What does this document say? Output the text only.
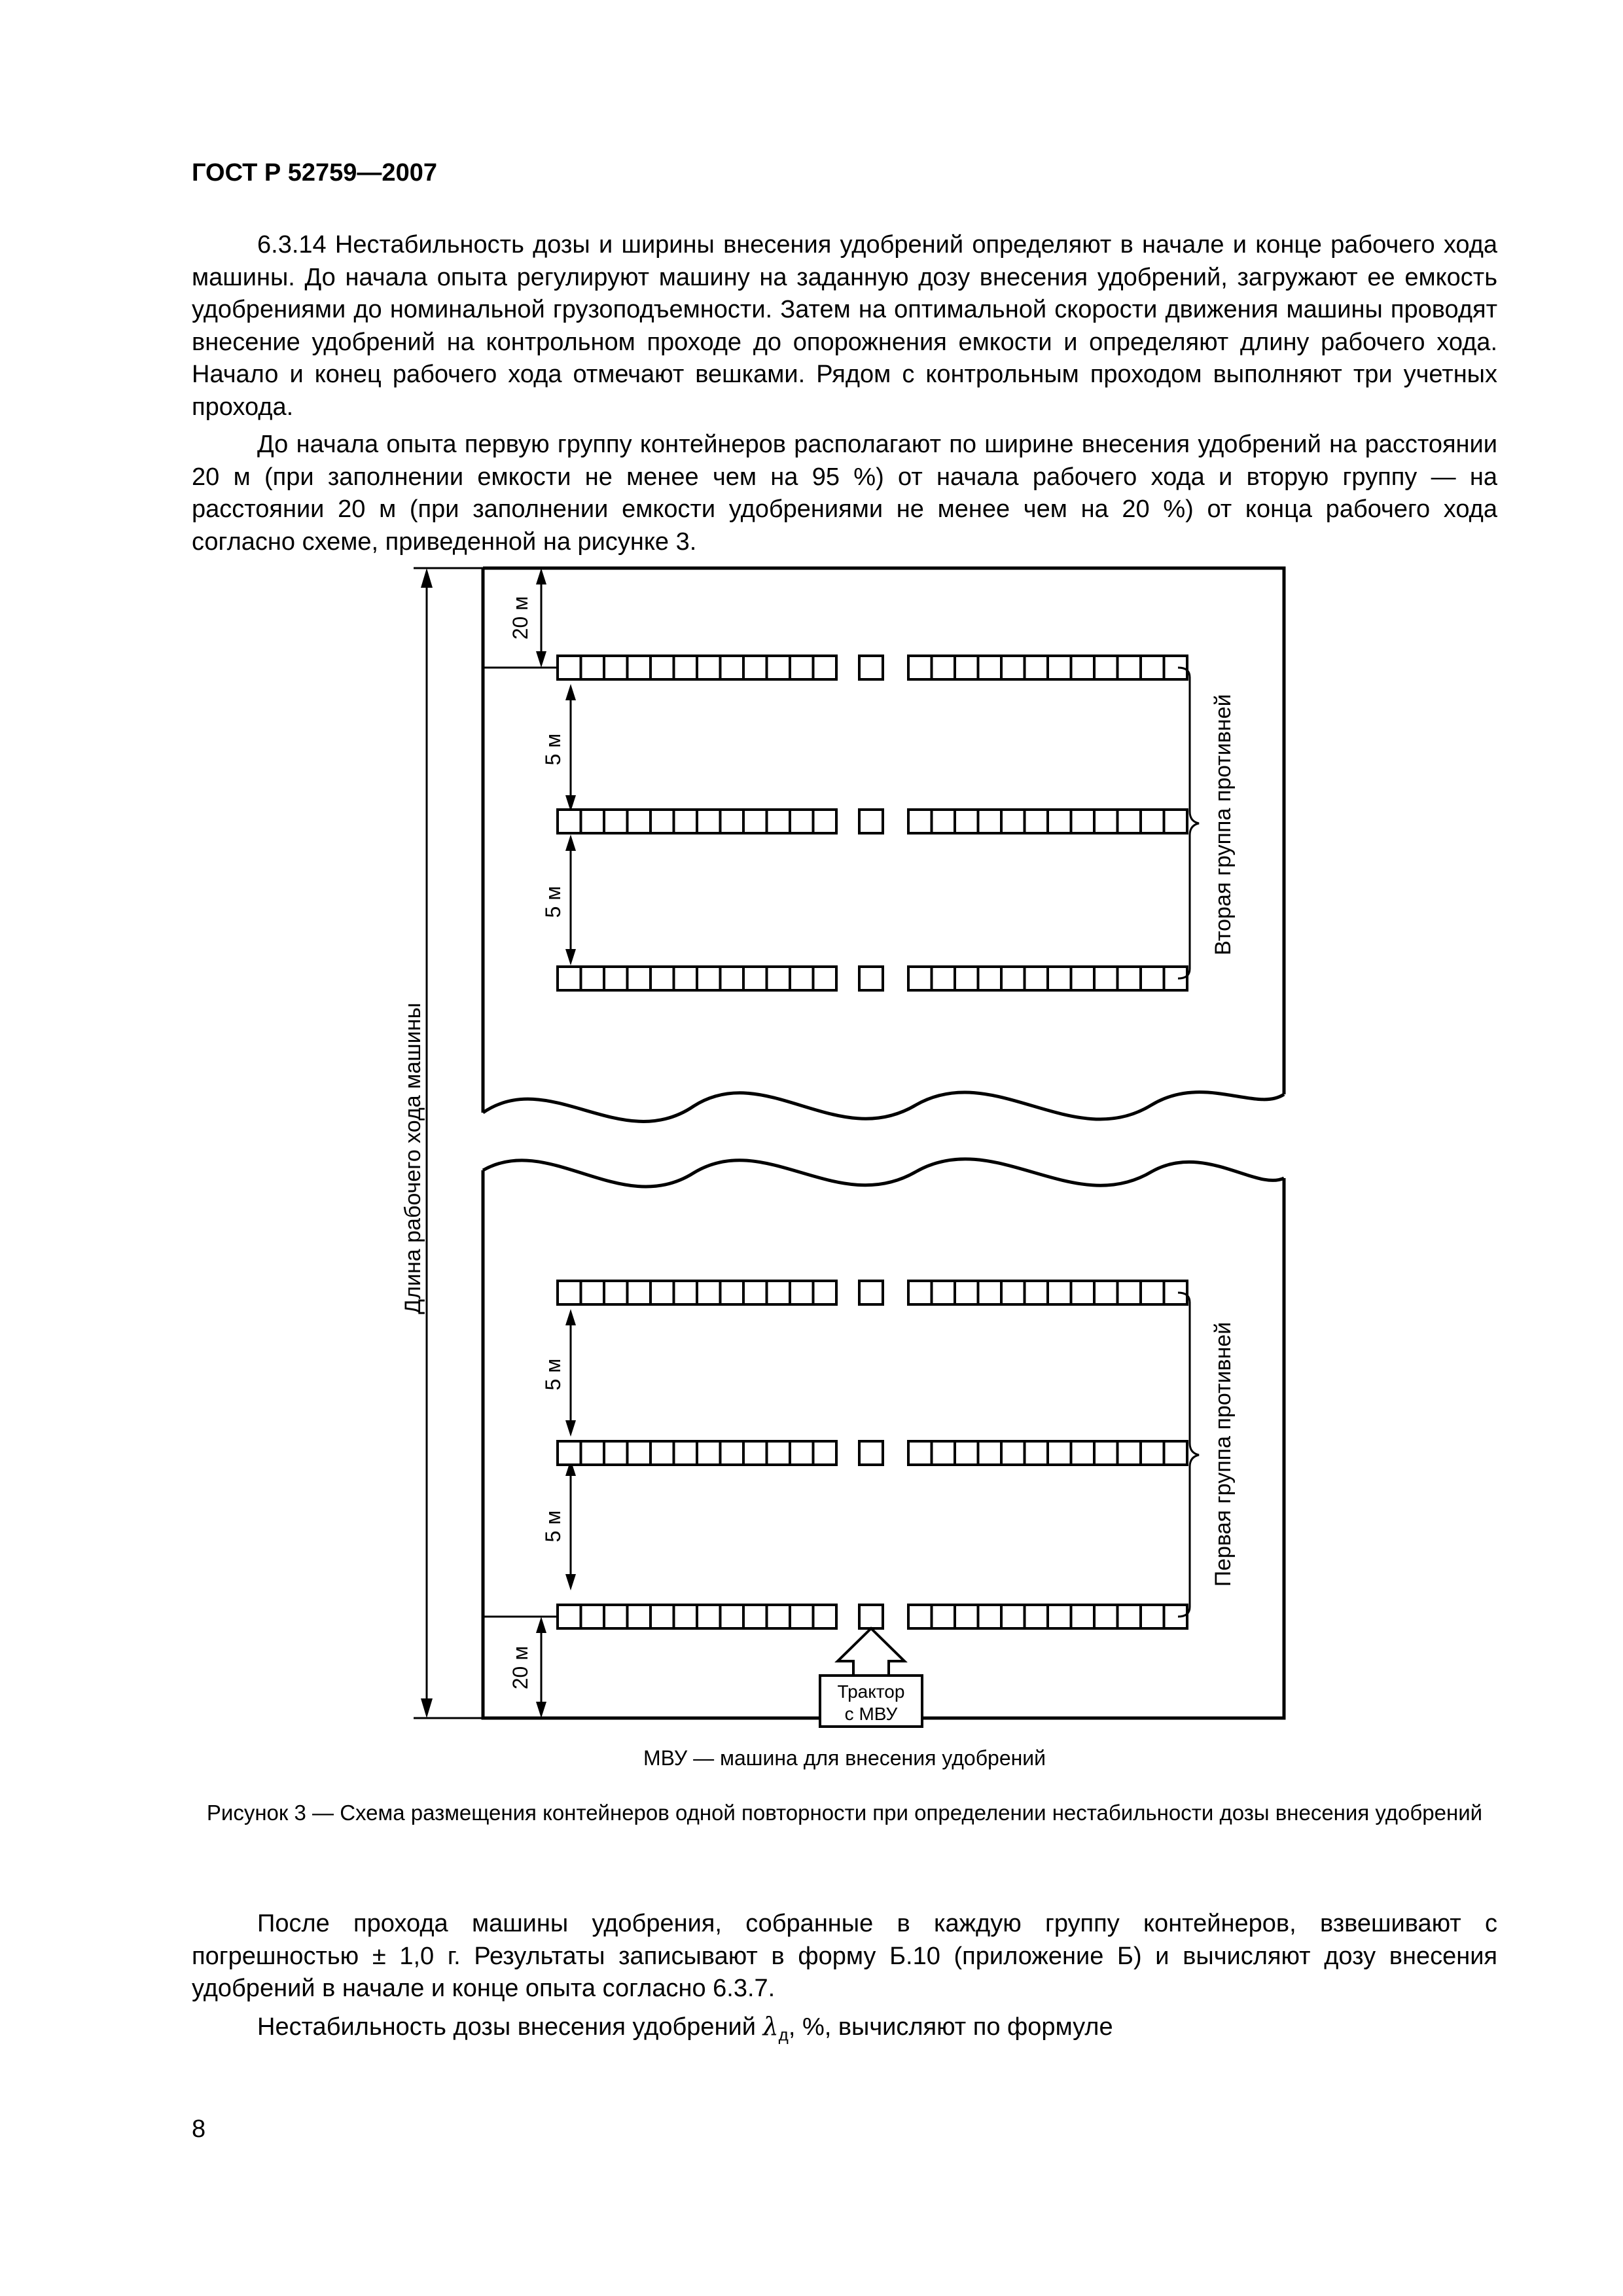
ГОСТ Р 52759—2007

6.3.14 Нестабильность дозы и ширины внесения удобрений определяют в начале и конце рабочего хода машины. До начала опыта регулируют машину на заданную дозу внесения удобрений, загружают ее емкость удобрениями до номинальной грузоподъемности. Затем на оптимальной скорости движения машины проводят внесение удобрений на контрольном проходе до опорожнения емкости и определяют длину рабочего хода. Начало и конец рабочего хода отмечают вешками. Рядом с контрольным проходом выполняют три учетных прохода.

До начала опыта первую группу контейнеров располагают по ширине внесения удобрений на расстоянии 20 м (при заполнении емкости не менее чем на 95 %) от начала рабочего хода и вторую группу — на расстоянии 20 м (при заполнении емкости удобрениями не менее чем на 20 %) от конца рабочего хода согласно схеме, приведенной на рисунке 3.

Длина рабочего хода машины
20 м
20 м
5 м
5 м
5 м
5 м
Вторая группа противней
Первая группа противней
Трактор
с МВУ
МВУ — машина для внесения удобрений
Рисунок 3 — Схема размещения контейнеров одной повторности при определении нестабильности дозы внесения удобрений

После прохода машины удобрения, собранные в каждую группу контейнеров, взвешивают с погрешностью ± 1,0 г. Результаты записывают в форму Б.10 (приложение Б) и вычисляют дозу внесения удобрений в начале и конце опыта согласно 6.3.7.

Нестабильность дозы внесения удобрений $\lambda_д$, %, вычисляют по формуле

8
